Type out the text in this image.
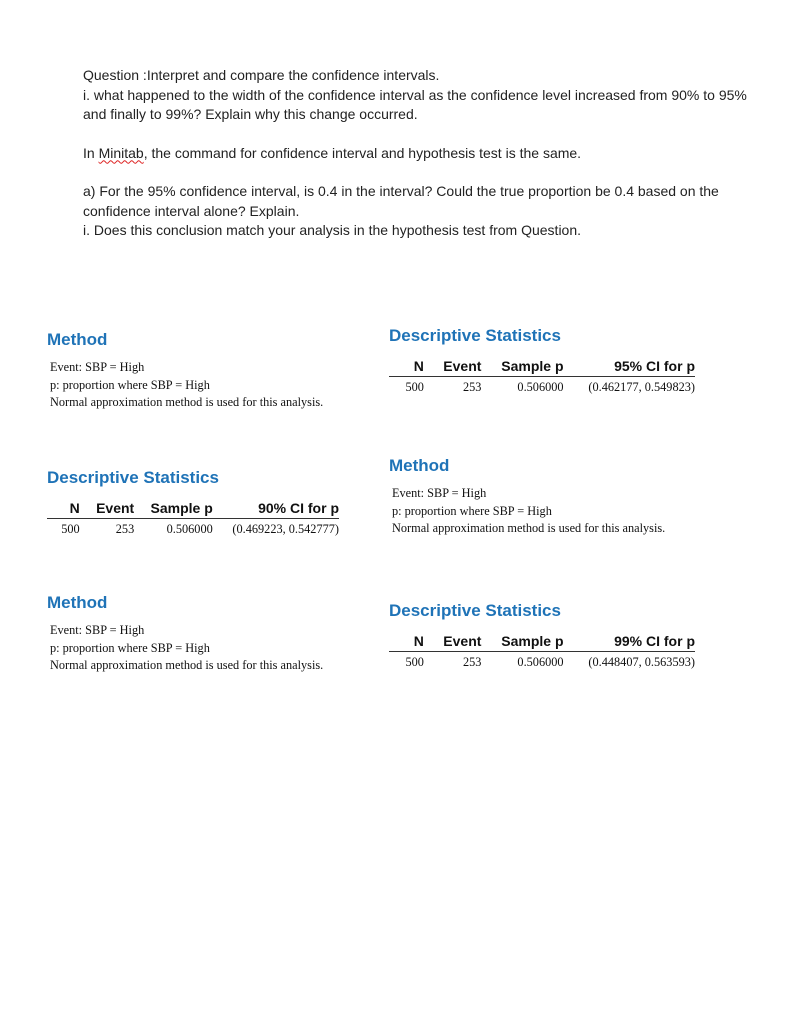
Question :Interpret and compare the confidence intervals.

i. what happened to the width of the confidence interval as the confidence level increased from 90% to 95% and finally to 99%? Explain why this change occurred.

In Minitab, the command for confidence interval and hypothesis test is the same.

a) For the 95% confidence interval, is 0.4 in the interval? Could the true proportion be 0.4 based on the confidence interval alone? Explain.

i. Does this conclusion match your analysis in the hypothesis test from Question.

Method
Event: SBP = High
p: proportion where SBP = High
Normal approximation method is used for this analysis.
Descriptive Statistics
N	Event	Sample p	95% CI for p
500	253	0.506000	(0.462177, 0.549823)
Descriptive Statistics
N	Event	Sample p	90% CI for p
500	253	0.506000	(0.469223, 0.542777)
Method
Event: SBP = High
p: proportion where SBP = High
Normal approximation method is used for this analysis.
Method
Event: SBP = High
p: proportion where SBP = High
Normal approximation method is used for this analysis.
Descriptive Statistics
N	Event	Sample p	99% CI for p
500	253	0.506000	(0.448407, 0.563593)
